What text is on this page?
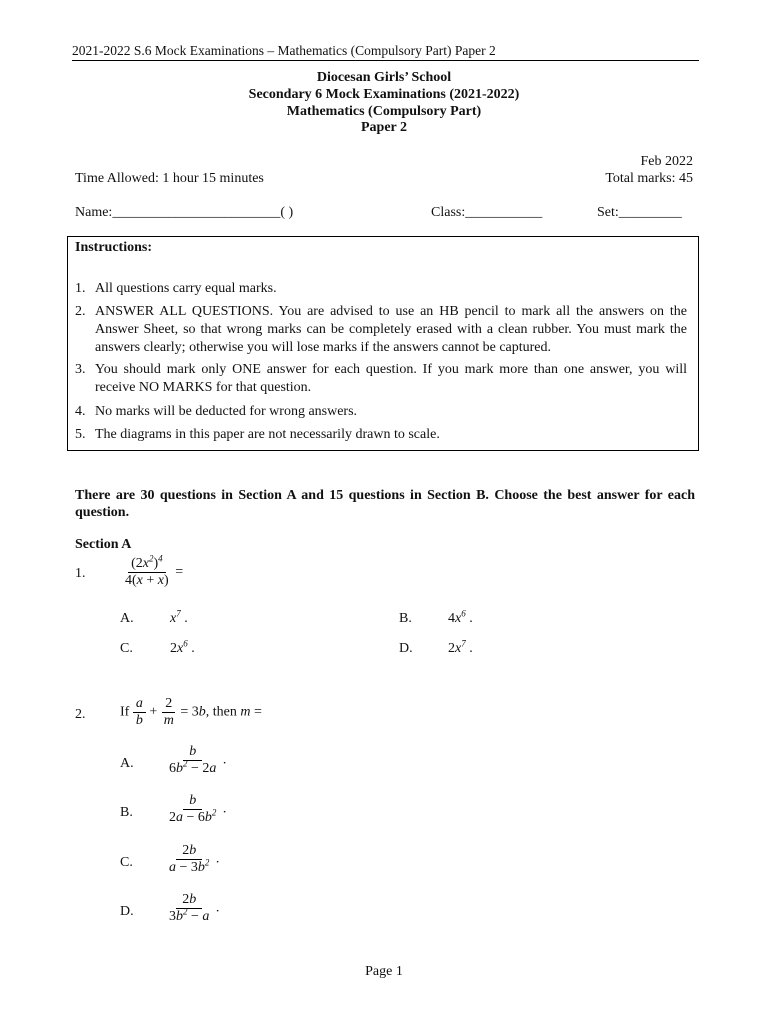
2021-2022 S.6 Mock Examinations – Mathematics (Compulsory Part) Paper 2
Diocesan Girls’ School
Secondary 6 Mock Examinations (2021-2022)
Mathematics (Compulsory Part)
Paper 2
Feb 2022
Time Allowed: 1 hour 15 minutes	Total marks: 45
Name:________________________( )	Class:___________	Set:_________
Instructions:
1. All questions carry equal marks.
2. ANSWER ALL QUESTIONS. You are advised to use an HB pencil to mark all the answers on the Answer Sheet, so that wrong marks can be completely erased with a clean rubber. You must mark the answers clearly; otherwise you will lose marks if the answers cannot be captured.
3. You should mark only ONE answer for each question. If you mark more than one answer, you will receive NO MARKS for that question.
4. No marks will be deducted for wrong answers.
5. The diagrams in this paper are not necessarily drawn to scale.
There are 30 questions in Section A and 15 questions in Section B. Choose the best answer for each question.
Section A
1.	$\frac{(2x^2)^4}{4(x + x)}$ =
A.	$x^7$ .	B.	$4x^6$ .
C.	$2x^6$ .	D.	$2x^7$ .
2. If $\frac{a}{b} + \frac{2}{m} = 3b$, then m =
A. $\frac{b}{6b^2 - 2a}$ .
B. $\frac{b}{2a - 6b^2}$ .
C. $\frac{2b}{a - 3b^2}$ .
D. $\frac{2b}{3b^2 - a}$ .
Page 1
